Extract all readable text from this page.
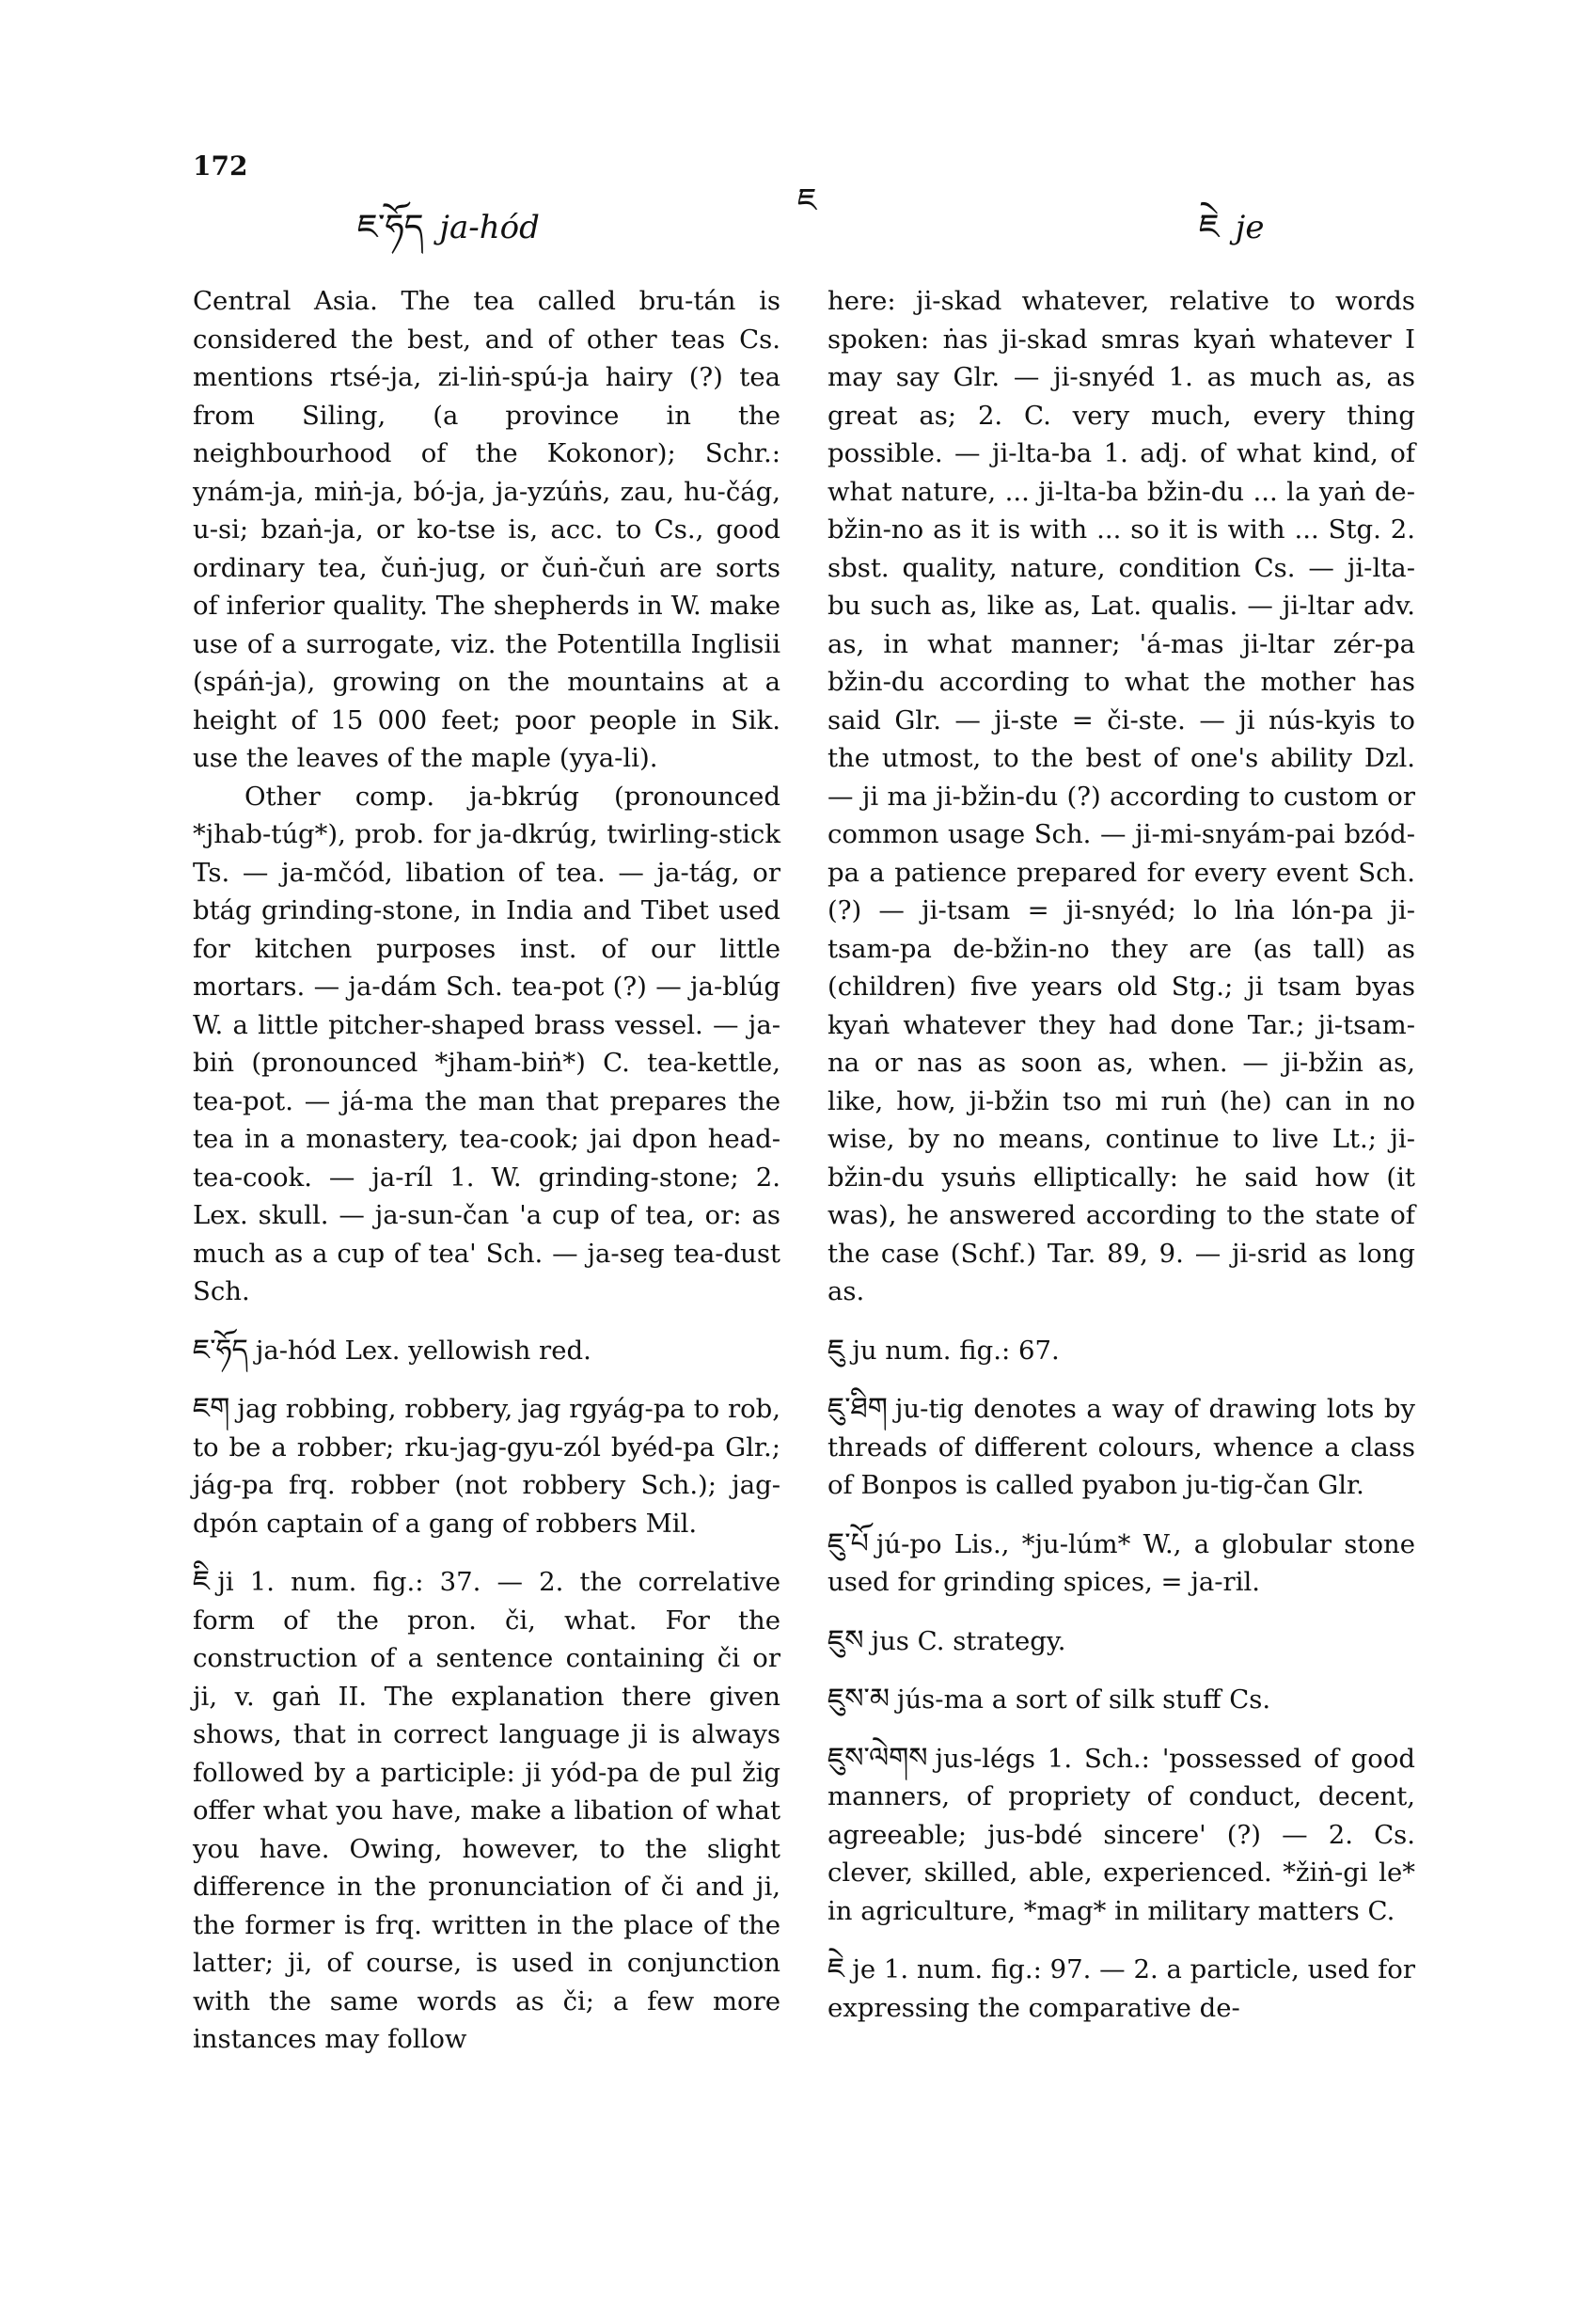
172
ཇ་ཧོད ja-hód
ཇ
ཇེ je

Central Asia. The tea called bru-tán is considered the best, and of other teas Cs. mentions rtsé-ja, zi-liṅ-spú-ja hairy (?) tea from Siling, (a province in the neighbourhood of the Kokonor); Schr.: ynám-ja, miṅ-ja, bó-ja, ja-yzúṅs, zau, hu-čág, u-si; bzaṅ-ja, or ko-tse is, acc. to Cs., good ordinary tea, čuṅ-jug, or čuṅ-čuṅ are sorts of inferior quality. The shepherds in W. make use of a surrogate, viz. the Potentilla Inglisii (spáṅ-ja), growing on the mountains at a height of 15 000 feet; poor people in Sik. use the leaves of the maple (yya-li).

Other comp. ja-bkrúg (pronounced *jhab-túg*), prob. for ja-dkrúg, twirling-stick Ts. — ja-mčód, libation of tea. — ja-tág, or btág grinding-stone, in India and Tibet used for kitchen purposes inst. of our little mortars. — ja-dám Sch. tea-pot (?) — ja-blúg W. a little pitcher-shaped brass vessel. — ja-biṅ (pronounced *jham-biṅ*) C. tea-kettle, tea-pot. — já-ma the man that prepares the tea in a monastery, tea-cook; jai dpon head-tea-cook. — ja-ríl 1. W. grinding-stone; 2. Lex. skull. — ja-sun-čan 'a cup of tea, or: as much as a cup of tea' Sch. — ja-seg tea-dust Sch.

ཇ་ཧོད ja-hód Lex. yellowish red.

ཇག jag robbing, robbery, jag rgyág-pa to rob, to be a robber; rku-jag-gyu-zól byéd-pa Glr.; jág-pa frq. robber (not robbery Sch.); jag-dpón captain of a gang of robbers Mil.

ཇི ji 1. num. fig.: 37. — 2. the correlative form of the pron. či, what. For the construction of a sentence containing či or ji, v. gaṅ II. The explanation there given shows, that in correct language ji is always followed by a participle: ji yód-pa de pul žig offer what you have, make a libation of what you have. Owing, however, to the slight difference in the pronunciation of či and ji, the former is frq. written in the place of the latter; ji, of course, is used in conjunction with the same words as či; a few more instances may follow

here: ji-skad whatever, relative to words spoken: ṅas ji-skad smras kyaṅ whatever I may say Glr. — ji-snyéd 1. as much as, as great as; 2. C. very much, every thing possible. — ji-lta-ba 1. adj. of what kind, of what nature, ... ji-lta-ba bžin-du ... la yaṅ de-bžin-no as it is with ... so it is with ... Stg. 2. sbst. quality, nature, condition Cs. — ji-lta-bu such as, like as, Lat. qualis. — ji-ltar adv. as, in what manner; 'á-mas ji-ltar zér-pa bžin-du according to what the mother has said Glr. — ji-ste = či-ste. — ji nús-kyis to the utmost, to the best of one's ability Dzl. — ji ma ji-bžin-du (?) according to custom or common usage Sch. — ji-mi-snyám-pai bzód-pa a patience prepared for every event Sch. (?) — ji-tsam = ji-snyéd; lo lṅa lón-pa ji-tsam-pa de-bžin-no they are (as tall) as (children) five years old Stg.; ji tsam byas kyaṅ whatever they had done Tar.; ji-tsam-na or nas as soon as, when. — ji-bžin as, like, how, ji-bžin tso mi ruṅ (he) can in no wise, by no means, continue to live Lt.; ji-bžin-du ysuṅs elliptically: he said how (it was), he answered according to the state of the case (Schf.) Tar. 89, 9. — ji-srid as long as.

ཇུ ju num. fig.: 67.

ཇུ་ཐིག ju-tig denotes a way of drawing lots by threads of different colours, whence a class of Bonpos is called pyabon ju-tig-čan Glr.

ཇུ་པོ jú-po Lis., *ju-lúm* W., a globular stone used for grinding spices, = ja-ril.

ཇུས jus C. strategy.

ཇུས་མ jús-ma a sort of silk stuff Cs.

ཇུས་ལེགས jus-légs 1. Sch.: 'possessed of good manners, of propriety of conduct, decent, agreeable; jus-bdé sincere' (?) — 2. Cs. clever, skilled, able, experienced. *žiṅ-gi le* in agriculture, *mag* in military matters C.

ཇེ je 1. num. fig.: 97. — 2. a particle, used for expressing the comparative de-
